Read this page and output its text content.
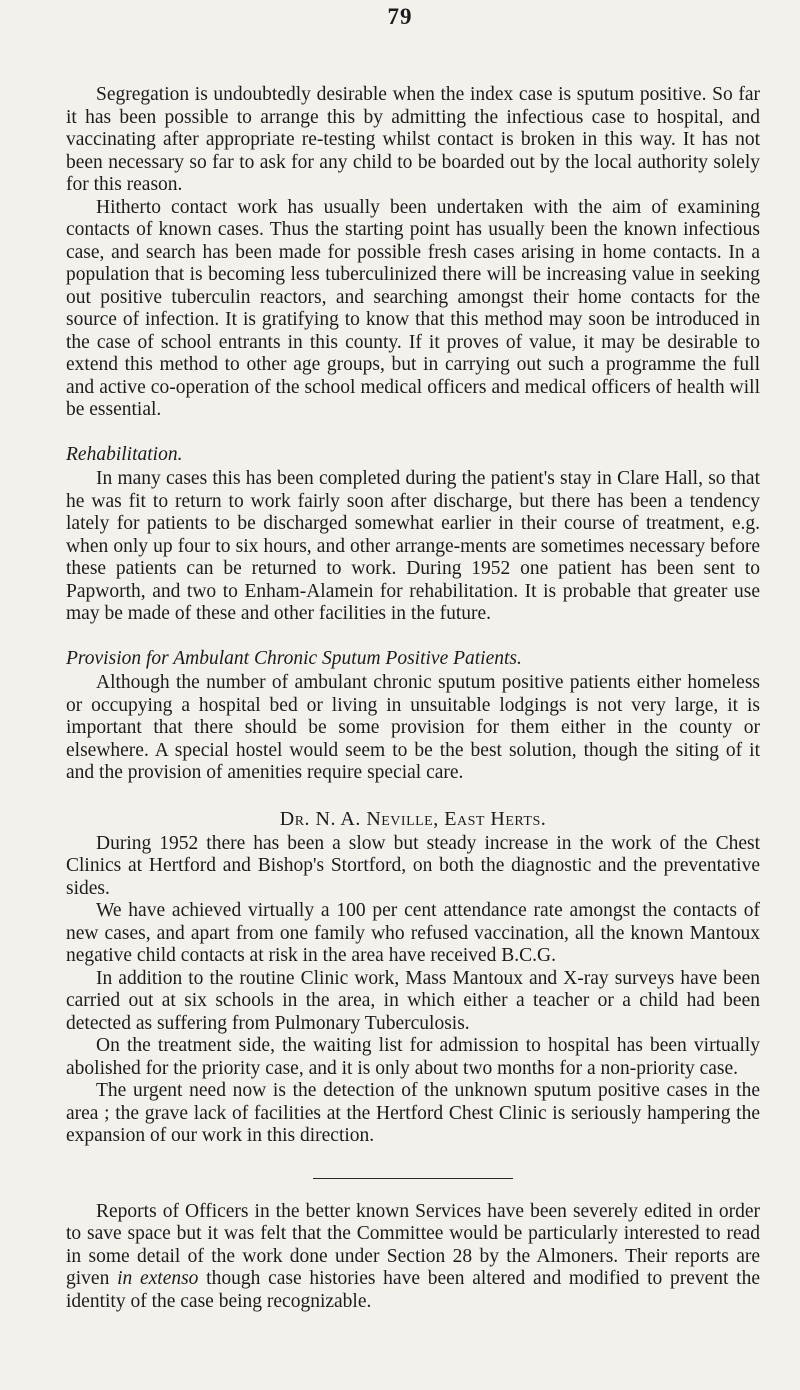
79

Segregation is undoubtedly desirable when the index case is sputum positive. So far it has been possible to arrange this by admitting the infectious case to hospital, and vaccinating after appropriate re-testing whilst contact is broken in this way. It has not been necessary so far to ask for any child to be boarded out by the local authority solely for this reason.

Hitherto contact work has usually been undertaken with the aim of examining contacts of known cases. Thus the starting point has usually been the known infectious case, and search has been made for possible fresh cases arising in home contacts. In a population that is becoming less tuberculinized there will be increasing value in seeking out positive tuberculin reactors, and searching amongst their home contacts for the source of infection. It is gratifying to know that this method may soon be introduced in the case of school entrants in this county. If it proves of value, it may be desirable to extend this method to other age groups, but in carrying out such a programme the full and active co-operation of the school medical officers and medical officers of health will be essential.

Rehabilitation.

In many cases this has been completed during the patient's stay in Clare Hall, so that he was fit to return to work fairly soon after discharge, but there has been a tendency lately for patients to be discharged somewhat earlier in their course of treatment, e.g. when only up four to six hours, and other arrange-ments are sometimes necessary before these patients can be returned to work. During 1952 one patient has been sent to Papworth, and two to Enham-Alamein for rehabilitation. It is probable that greater use may be made of these and other facilities in the future.

Provision for Ambulant Chronic Sputum Positive Patients.

Although the number of ambulant chronic sputum positive patients either homeless or occupying a hospital bed or living in unsuitable lodgings is not very large, it is important that there should be some provision for them either in the county or elsewhere. A special hostel would seem to be the best solution, though the siting of it and the provision of amenities require special care.

Dr. N. A. Neville, East Herts.

During 1952 there has been a slow but steady increase in the work of the Chest Clinics at Hertford and Bishop's Stortford, on both the diagnostic and the preventative sides.

We have achieved virtually a 100 per cent attendance rate amongst the contacts of new cases, and apart from one family who refused vaccination, all the known Mantoux negative child contacts at risk in the area have received B.C.G.

In addition to the routine Clinic work, Mass Mantoux and X-ray surveys have been carried out at six schools in the area, in which either a teacher or a child had been detected as suffering from Pulmonary Tuberculosis.

On the treatment side, the waiting list for admission to hospital has been virtually abolished for the priority case, and it is only about two months for a non-priority case.

The urgent need now is the detection of the unknown sputum positive cases in the area ; the grave lack of facilities at the Hertford Chest Clinic is seriously hampering the expansion of our work in this direction.

Reports of Officers in the better known Services have been severely edited in order to save space but it was felt that the Committee would be particularly interested to read in some detail of the work done under Section 28 by the Almoners. Their reports are given in extenso though case histories have been altered and modified to prevent the identity of the case being recognizable.
